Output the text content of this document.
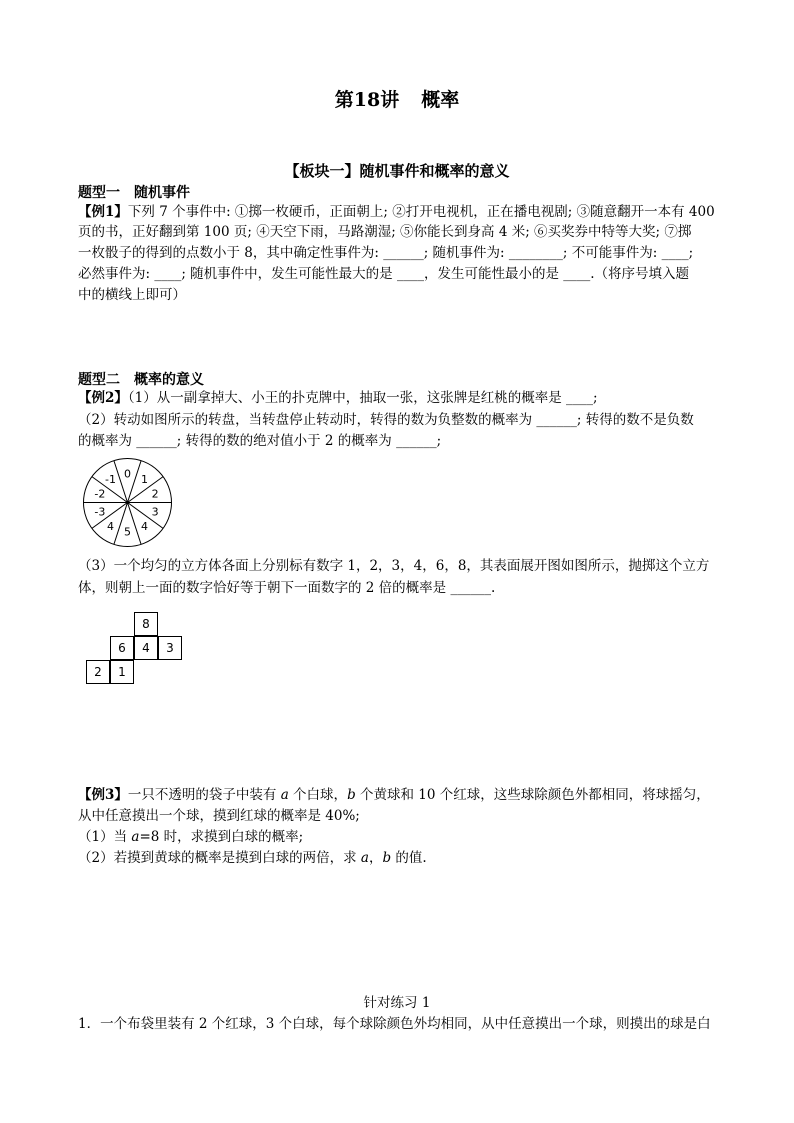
第18讲 概率
【板块一】随机事件和概率的意义
题型一　随机事件
【例1】下列 7 个事件中: ①掷一枚硬币，正面朝上; ②打开电视机，正在播电视剧; ③随意翻开一本有 400
页的书，正好翻到第 100 页; ④天空下雨，马路潮湿; ⑤你能长到身高 4 米; ⑥买奖券中特等大奖; ⑦掷
一枚骰子的得到的点数小于 8，其中确定性事件为: ______; 随机事件为: ________; 不可能事件为: ____;
必然事件为: ____; 随机事件中，发生可能性最大的是 ____，发生可能性最小的是 ____.（将序号填入题
中的横线上即可）
题型二　概率的意义
【例2】（1）从一副拿掉大、小王的扑克牌中，抽取一张，这张牌是红桃的概率是 ____;
（2）转动如图所示的转盘，当转盘停止转动时，转得的数为负整数的概率为 ______; 转得的数不是负数
的概率为 ______; 转得的数的绝对值小于 2 的概率为 ______;
0 1
2
3
4
5
4
-3
-2
-1
（3）一个均匀的立方体各面上分别标有数字 1，2，3，4，6，8，其表面展开图如图所示，抛掷这个立方
体，则朝上一面的数字恰好等于朝下一面数字的 2 倍的概率是 ______.
8
6	4	3
2	1
【例3】一只不透明的袋子中装有 a 个白球，b 个黄球和 10 个红球，这些球除颜色外都相同，将球摇匀，
从中任意摸出一个球，摸到红球的概率是 40%;
（1）当 a=8 时，求摸到白球的概率;
（2）若摸到黄球的概率是摸到白球的两倍，求 a，b 的值.
针对练习 1
1．一个布袋里装有 2 个红球，3 个白球，每个球除颜色外均相同，从中任意摸出一个球，则摸出的球是白
